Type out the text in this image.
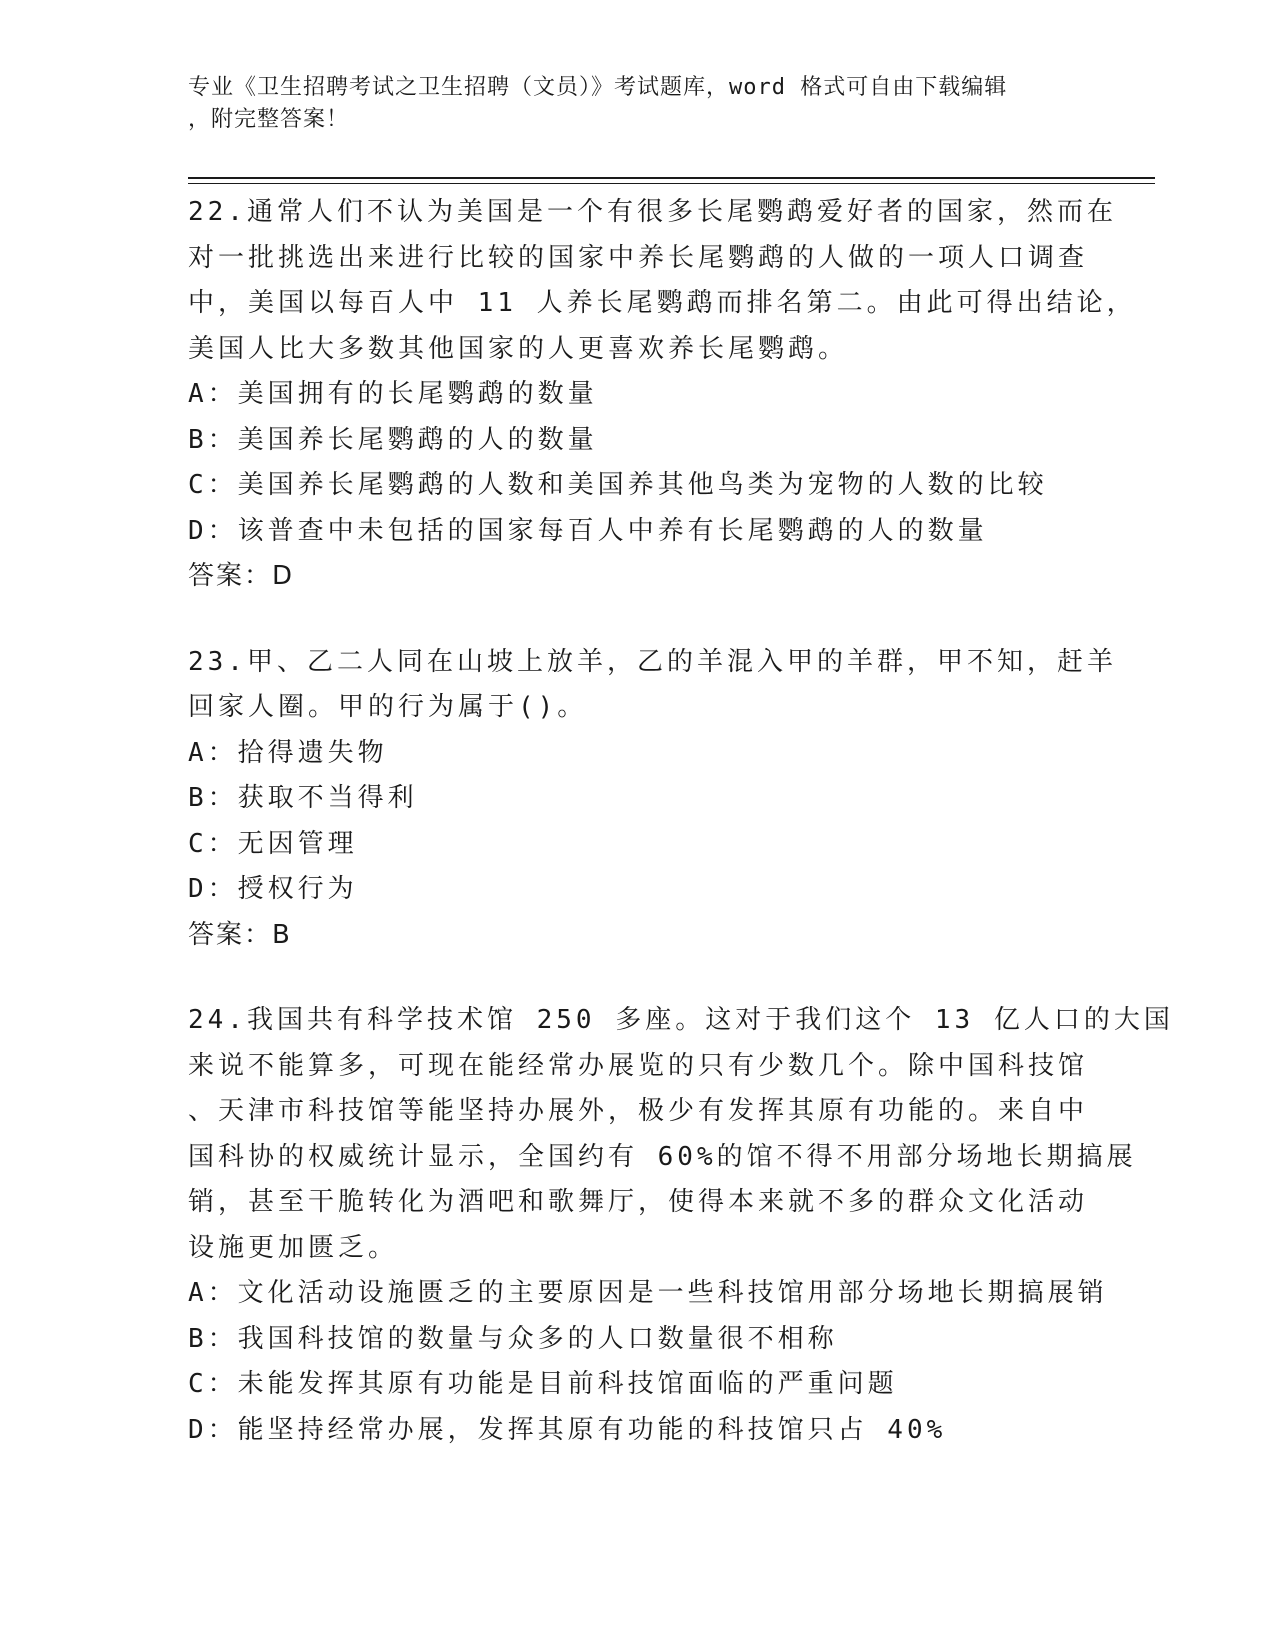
专业《卫生招聘考试之卫生招聘（文员）》考试题库，word 格式可自由下载编辑
，附完整答案！
22.通常人们不认为美国是一个有很多长尾鹦鹉爱好者的国家，然而在
对一批挑选出来进行比较的国家中养长尾鹦鹉的人做的一项人口调查
中，美国以每百人中 11 人养长尾鹦鹉而排名第二。由此可得出结论，
美国人比大多数其他国家的人更喜欢养长尾鹦鹉。
A：美国拥有的长尾鹦鹉的数量
B：美国养长尾鹦鹉的人的数量
C：美国养长尾鹦鹉的人数和美国养其他鸟类为宠物的人数的比较
D：该普查中未包括的国家每百人中养有长尾鹦鹉的人的数量
答案：D
23.甲、乙二人同在山坡上放羊，乙的羊混入甲的羊群，甲不知，赶羊
回家人圈。甲的行为属于()。
A：拾得遗失物
B：获取不当得利
C：无因管理
D：授权行为
答案：B
24.我国共有科学技术馆 250 多座。这对于我们这个 13 亿人口的大国
来说不能算多，可现在能经常办展览的只有少数几个。除中国科技馆
、天津市科技馆等能坚持办展外，极少有发挥其原有功能的。来自中
国科协的权威统计显示，全国约有 60%的馆不得不用部分场地长期搞展
销，甚至干脆转化为酒吧和歌舞厅，使得本来就不多的群众文化活动
设施更加匮乏。
A：文化活动设施匮乏的主要原因是一些科技馆用部分场地长期搞展销
B：我国科技馆的数量与众多的人口数量很不相称
C：未能发挥其原有功能是目前科技馆面临的严重问题
D：能坚持经常办展，发挥其原有功能的科技馆只占 40%
